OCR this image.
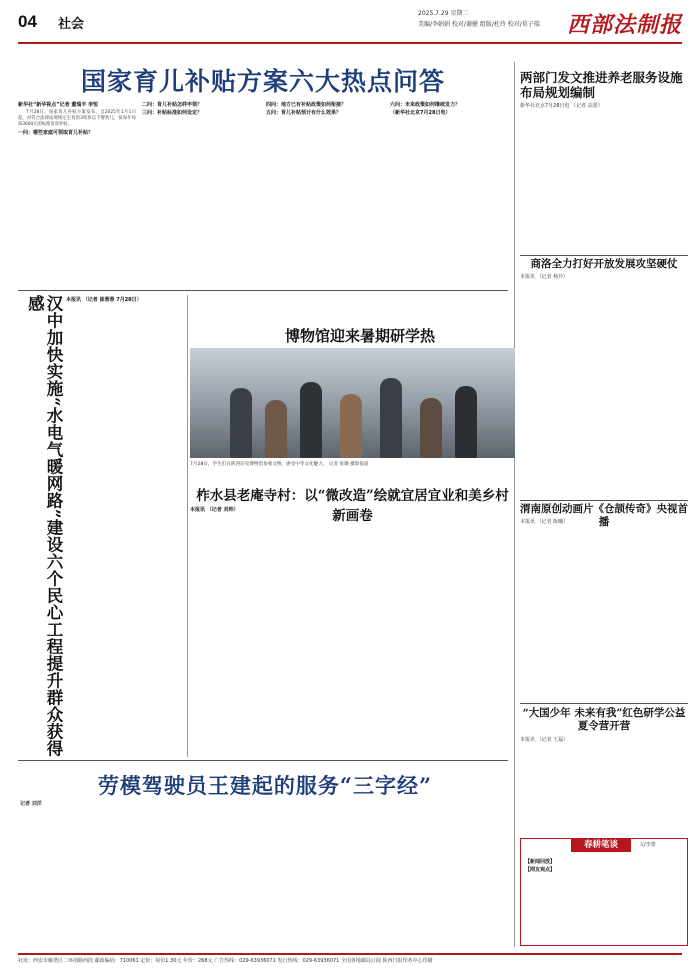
04 社会
2025.7.29 星期二
美编/李娟娟 校对/谢健 组版/杜玲 校对/莫子瑞	西部法制报
国家育儿补贴方案六大热点问答

新华社“新华视点”记者 董瑞丰 李恒

7月28日，国家育儿补贴方案发布，自2025年1月1日起，对符合法律法规规定生育的3周岁以下婴幼儿，按每年每孩3600元的标准发放补贴。

一问：哪些家庭可领取育儿补贴？

二问：育儿补贴怎样申领？

三问：补贴标准如何设定？

四问：地方已有补贴政策如何衔接？

五问：育儿补贴预计有什么效果？

六问：未来政策如何继续发力？

（新华社北京7月28日电）

两部门发文推进养老服务设施布局规划编制
新华社北京7月28日电 （记者 高蕾）
商洛全力打好开放发展攻坚硬仗
本报讯 （记者 杨玲）
渭南原创动画片《仓颉传奇》央视首播
本报讯 （记者 陈曦）
“大国少年 未来有我”红色研学公益夏令营开营
本报讯 （记者 王磊）
汉中加快实施“水电气暖网路”建设六个民心工程提升群众获得感	本报讯 （记者 崔蓉蓉 7月28日）

博物馆迎来暑期研学热
7月28日，学生们在陕西历史博物馆参观文物，感受中华文化魅力。 记者 张璐 摄影报道
柞水县老庵寺村：以“微改造”绘就宜居宜业和美乡村新画卷

本报讯 （记者 刘帅）

劳模驾驶员王建起的服务“三字经”
记者 刘洋
春耕笔谈	文/李蕾

【新闻回放】

【网友观点】

社址：西安市雁塔区二环南路西段 邮政编码：710061 定价：每份1.30元 年价：268元 广告热线：029-63936071 发行热线：029-63936071 全国各地邮局订阅 陕西日报印务中心印刷
